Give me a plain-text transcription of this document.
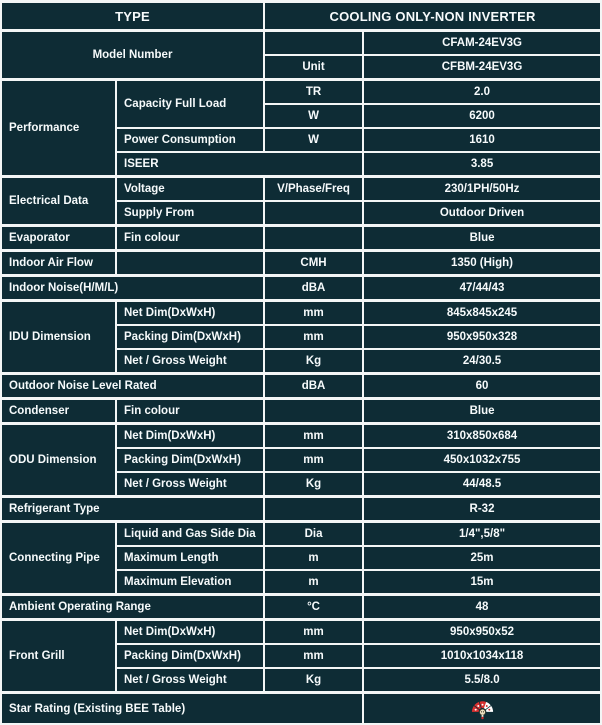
TYPE		COOLING ONLY-NON INVERTER	
Model Number			CFAM-24EV3G
		Unit	CFBM-24EV3G
Performance	Capacity Full Load	TR	2.0
		W	6200
	Power Consumption	W	1610
	ISEER		3.85
Electrical Data	Voltage	V/Phase/Freq	230/1PH/50Hz
	Supply From		Outdoor Driven
Evaporator	Fin colour		Blue
Indoor Air Flow		CMH	1350 (High)
Indoor Noise(H/M/L)		dBA	47/44/43
IDU Dimension	Net Dim(DxWxH)	mm	845x845x245
	Packing Dim(DxWxH)	mm	950x950x328
	Net / Gross Weight	Kg	24/30.5
Outdoor Noise Level Rated		dBA	60
Condenser	Fin colour		Blue
ODU Dimension	Net Dim(DxWxH)	mm	310x850x684
	Packing Dim(DxWxH)	mm	450x1032x755
	Net / Gross Weight	Kg	44/48.5
Refrigerant Type			R-32
Connecting Pipe	Liquid and Gas Side Dia	Dia	1/4",5/8"
	Maximum Length	m	25m
	Maximum Elevation	m	15m
Ambient Operating Range		°C	48
Front Grill	Net Dim(DxWxH)	mm	950x950x52
	Packing Dim(DxWxH)	mm	1010x1034x118
	Net / Gross Weight	Kg	5.5/8.0
Star Rating (Existing BEE Table)	
